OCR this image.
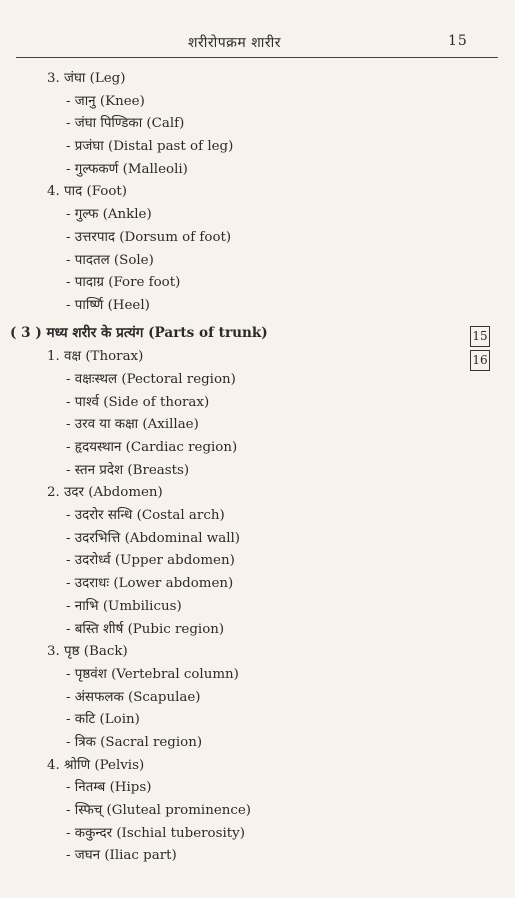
शरीरोपक्रम शारीर	15
3. जंघा (Leg)
- जानु (Knee)
- जंघा पिण्डिका (Calf)
- प्रजंघा (Distal past of leg)
- गुल्फकर्ण (Malleoli)
4. पाद (Foot)
- गुल्फ (Ankle)
- उत्तरपाद (Dorsum of foot)
- पादतल (Sole)
- पादाग्र (Fore foot)
- पार्ष्णि (Heel)
( 3 ) मध्य शरीर के प्रत्यंग (Parts of trunk)
1. वक्ष (Thorax)
- वक्षःस्थल (Pectoral region)
- पार्श्व (Side of thorax)
- उरव या कक्षा (Axillae)
- हृदयस्थान (Cardiac region)
- स्तन प्रदेश (Breasts)
2. उदर (Abdomen)
- उदरोर सन्धि (Costal arch)
- उदरभित्ति (Abdominal wall)
- उदरोर्ध्व (Upper abdomen)
- उदराधः (Lower abdomen)
- नाभि (Umbilicus)
- बस्ति शीर्ष (Pubic region)
3. पृष्ठ (Back)
- पृष्ठवंश (Vertebral column)
- अंसफलक (Scapulae)
- कटि (Loin)
- त्रिक (Sacral region)
4. श्रोणि (Pelvis)
- नितम्ब (Hips)
- स्फिच् (Gluteal prominence)
- ककुन्दर (Ischial tuberosity)
- जघन (Iliac part)
15
16
